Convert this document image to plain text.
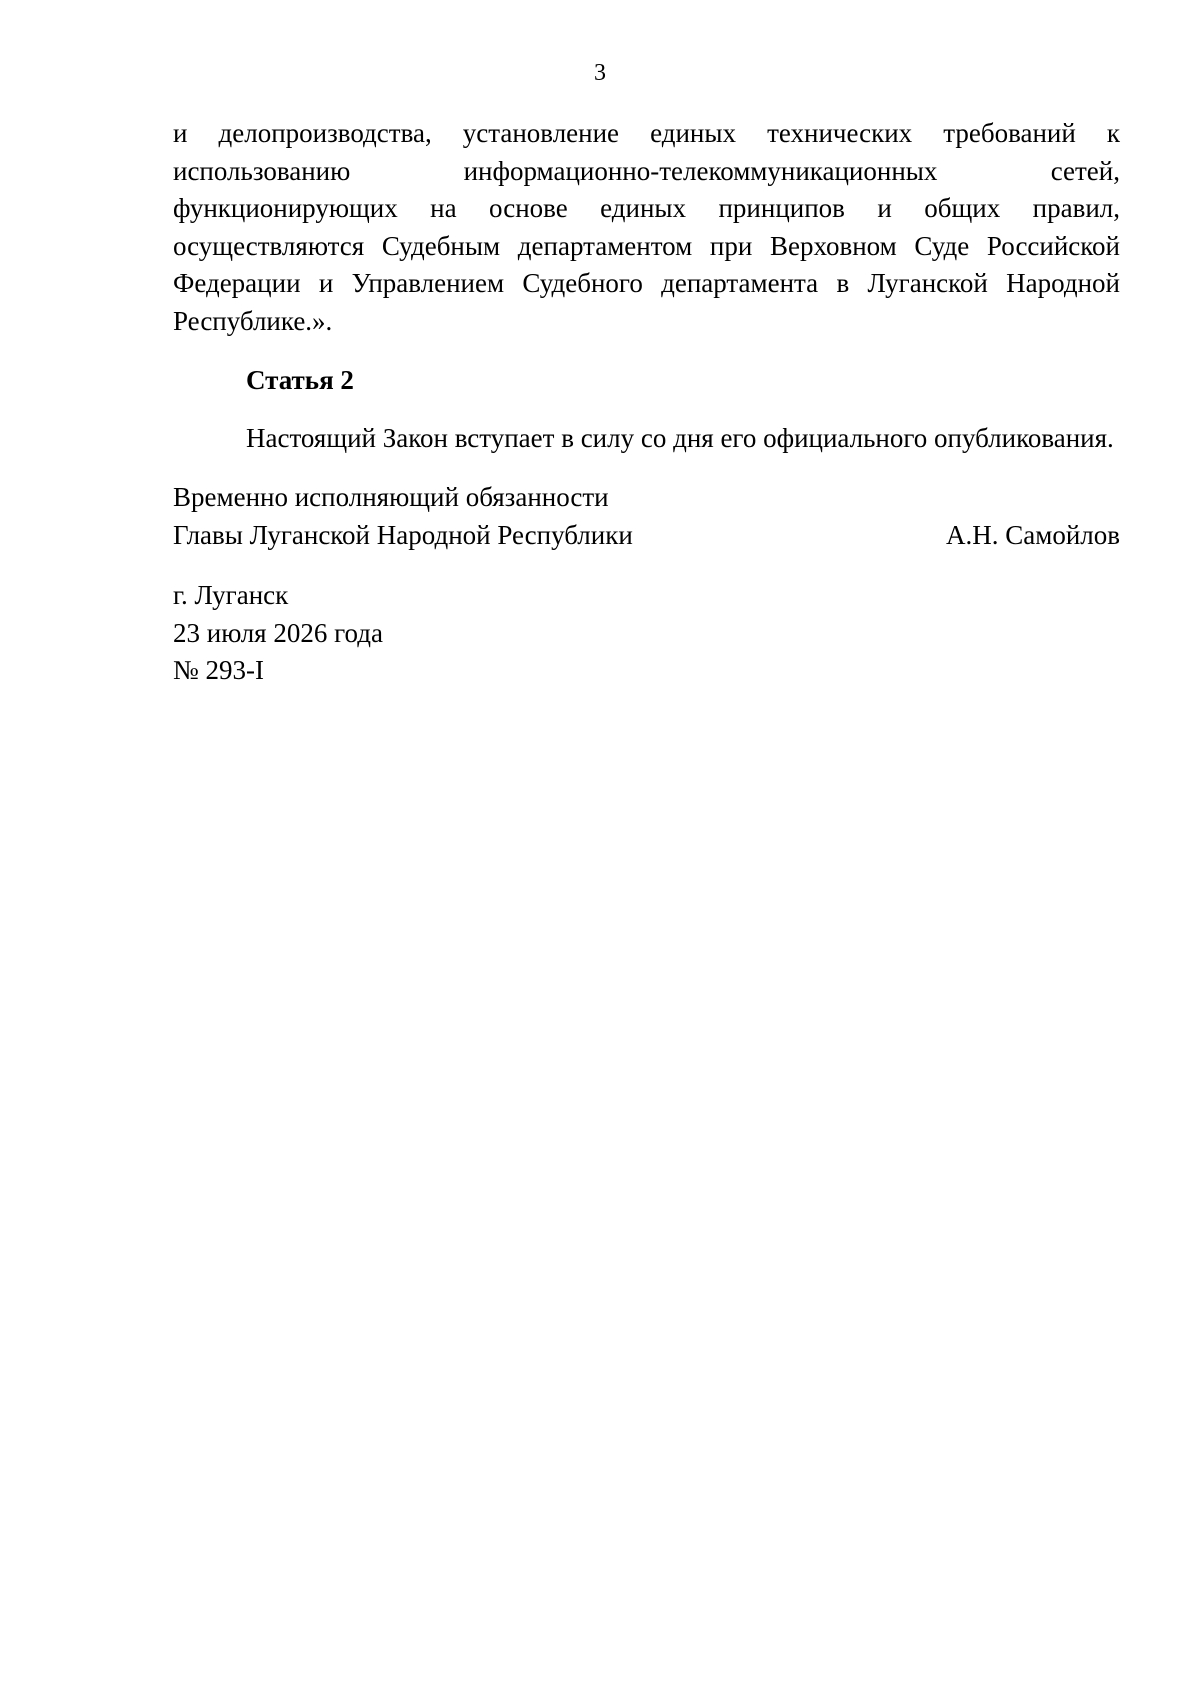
3

и делопроизводства, установление единых технических требований к использованию информационно-телекоммуникационных сетей, функционирующих на основе единых принципов и общих правил, осуществляются Судебным департаментом при Верховном Суде Российской Федерации и Управлением Судебного департамента в Луганской Народной Республике.».

Статья 2

Настоящий Закон вступает в силу со дня его официального опубликования.

Временно исполняющий обязанности
Главы Луганской Народной Республики	А.Н. Самойлов
г. Луганск
23 июля 2026 года
№ 293-I
